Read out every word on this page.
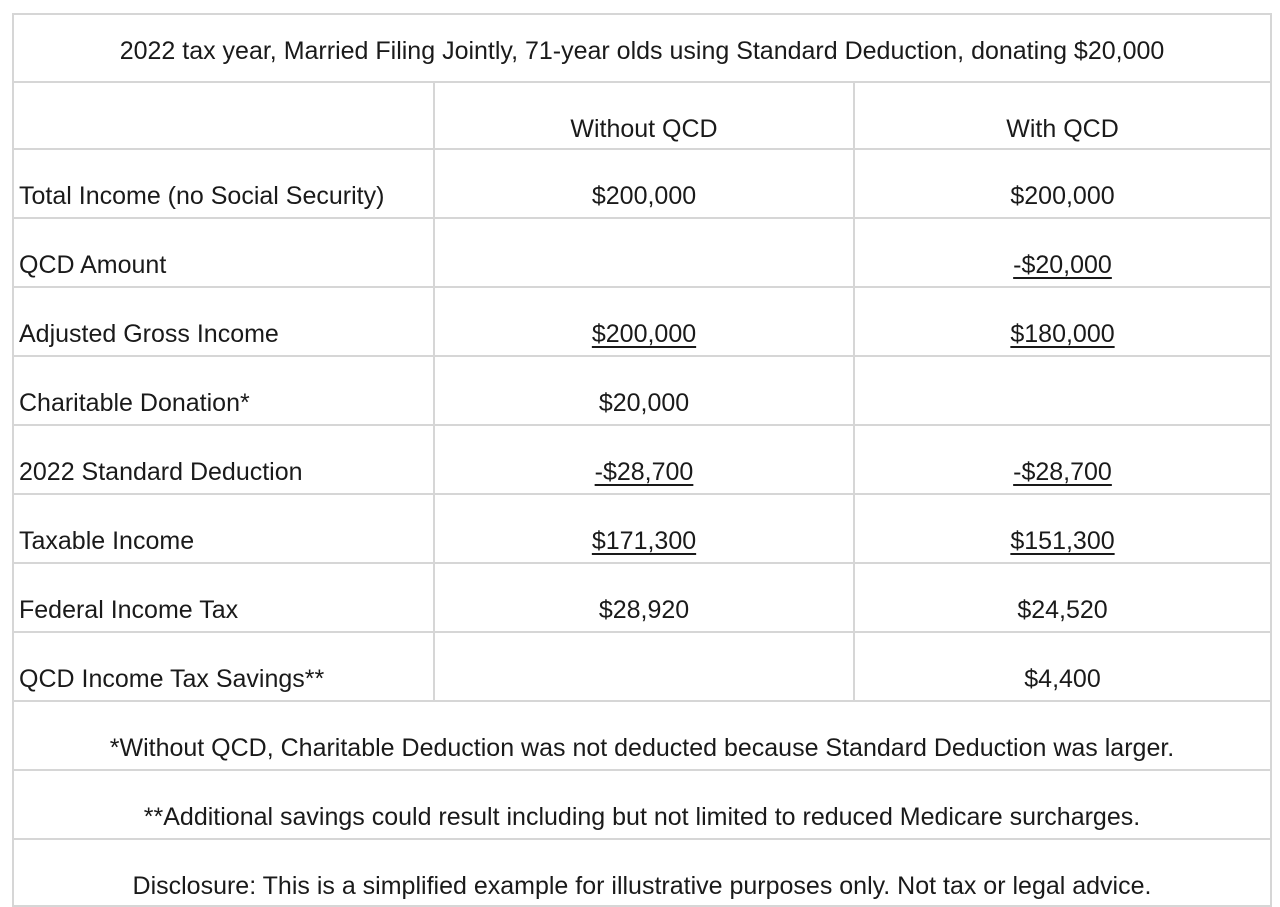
2022 tax year, Married Filing Jointly, 71-year olds using Standard Deduction, donating $20,000		
	Without QCD	With QCD
Total Income (no Social Security)	$200,000	$200,000
QCD Amount		-$20,000
Adjusted Gross Income	$200,000	$180,000
Charitable Donation*	$20,000	
2022 Standard Deduction	-$28,700	-$28,700
Taxable Income	$171,300	$151,300
Federal Income Tax	$28,920	$24,520
QCD Income Tax Savings**		$4,400
*Without QCD, Charitable Deduction was not deducted because Standard Deduction was larger.		
**Additional savings could result including but not limited to reduced Medicare surcharges.		
Disclosure: This is a simplified example for illustrative purposes only. Not tax or legal advice.		
